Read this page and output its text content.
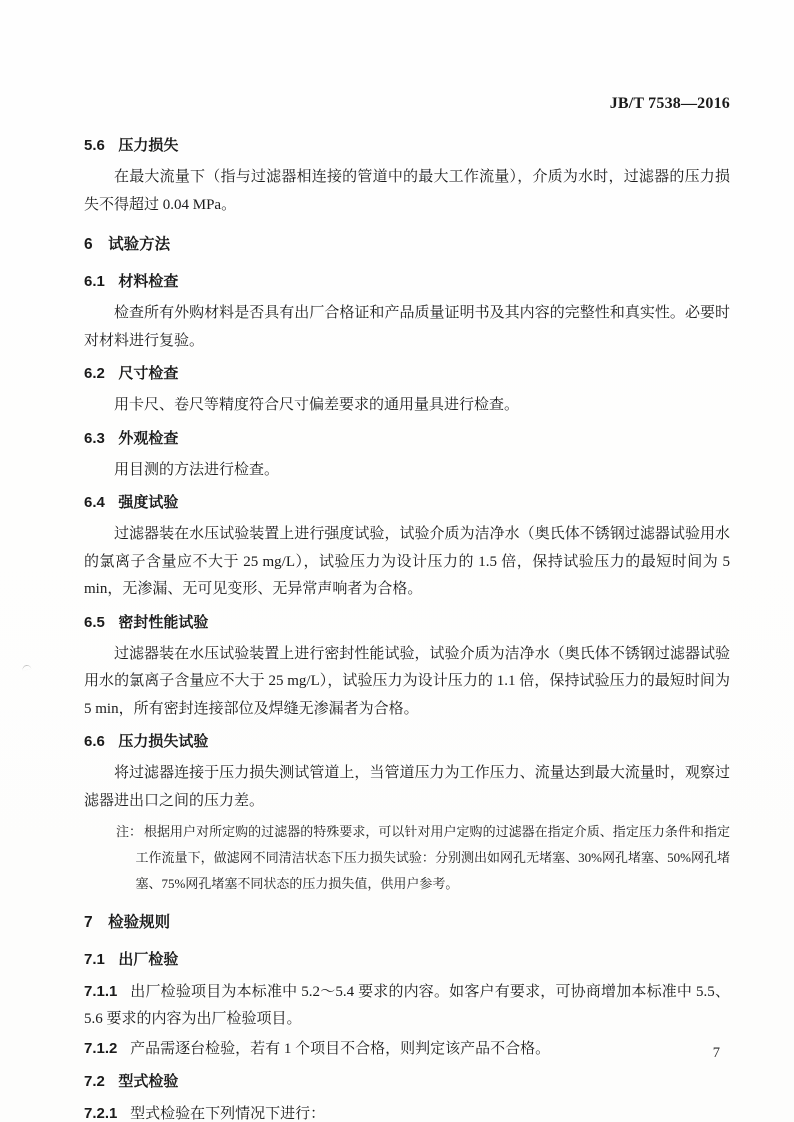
JB/T 7538—2016
5.6 压力损失

在最大流量下（指与过滤器相连接的管道中的最大工作流量），介质为水时，过滤器的压力损失不得超过 0.04 MPa。

6 试验方法
6.1 材料检查

检查所有外购材料是否具有出厂合格证和产品质量证明书及其内容的完整性和真实性。必要时对材料进行复验。

6.2 尺寸检查

用卡尺、卷尺等精度符合尺寸偏差要求的通用量具进行检查。

6.3 外观检查

用目测的方法进行检查。

6.4 强度试验

过滤器装在水压试验装置上进行强度试验，试验介质为洁净水（奥氏体不锈钢过滤器试验用水的氯离子含量应不大于 25 mg/L），试验压力为设计压力的 1.5 倍，保持试验压力的最短时间为 5 min，无渗漏、无可见变形、无异常声响者为合格。

6.5 密封性能试验

过滤器装在水压试验装置上进行密封性能试验，试验介质为洁净水（奥氏体不锈钢过滤器试验用水的氯离子含量应不大于 25 mg/L），试验压力为设计压力的 1.1 倍，保持试验压力的最短时间为 5 min，所有密封连接部位及焊缝无渗漏者为合格。

6.6 压力损失试验

将过滤器连接于压力损失测试管道上，当管道压力为工作压力、流量达到最大流量时，观察过滤器进出口之间的压力差。

注： 根据用户对所定购的过滤器的特殊要求，可以针对用户定购的过滤器在指定介质、指定压力条件和指定工作流量下，做滤网不同清洁状态下压力损失试验：分别测出如网孔无堵塞、30%网孔堵塞、50%网孔堵塞、75%网孔堵塞不同状态的压力损失值，供用户参考。
7 检验规则
7.1 出厂检验

7.1.1 出厂检验项目为本标准中 5.2～5.4 要求的内容。如客户有要求，可协商增加本标准中 5.5、5.6 要求的内容为出厂检验项目。

7.1.2 产品需逐台检验，若有 1 个项目不合格，则判定该产品不合格。

7.2 型式检验

7.2.1 型式检验在下列情况下进行：

7
